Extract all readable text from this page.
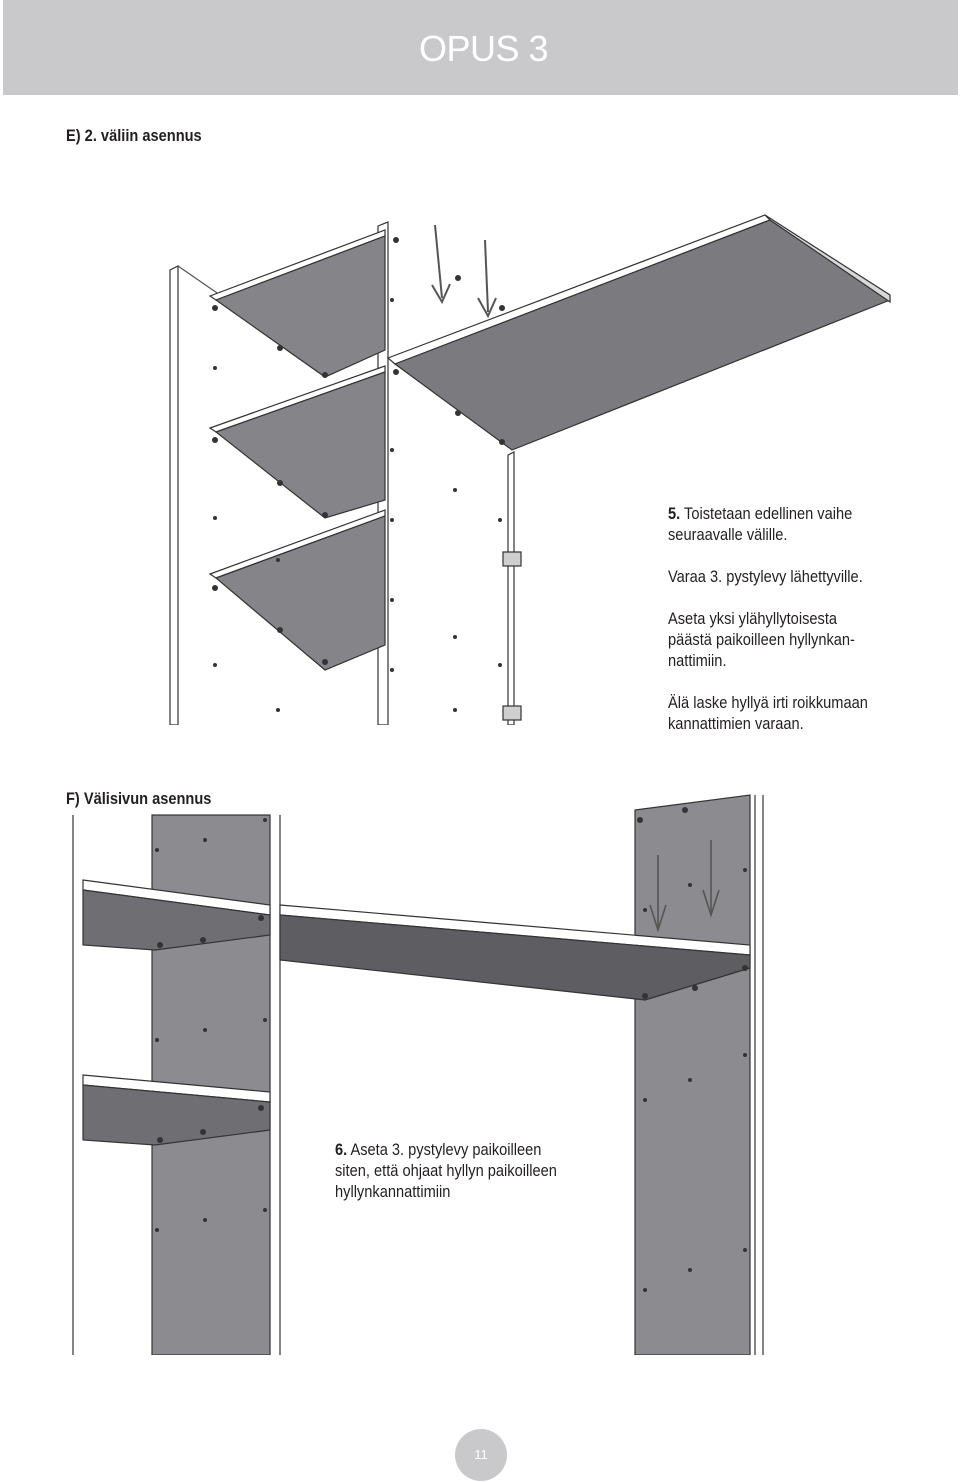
OPUS 3
E) 2. väliin asennus

5. Toistetaan edellinen vaihe

seuraavalle välille.

Varaa 3. pystylevy lähettyville.

Aseta yksi ylähyllytoisesta

päästä paikoilleen hyllynkan-

nattimiin.

Älä laske hyllyä irti roikkumaan

kannattimien varaan.

F) Välisivun asennus

6. Aseta 3. pystylevy paikoilleen

siten, että ohjaat hyllyn paikoilleen

hyllynkannattimiin

11
